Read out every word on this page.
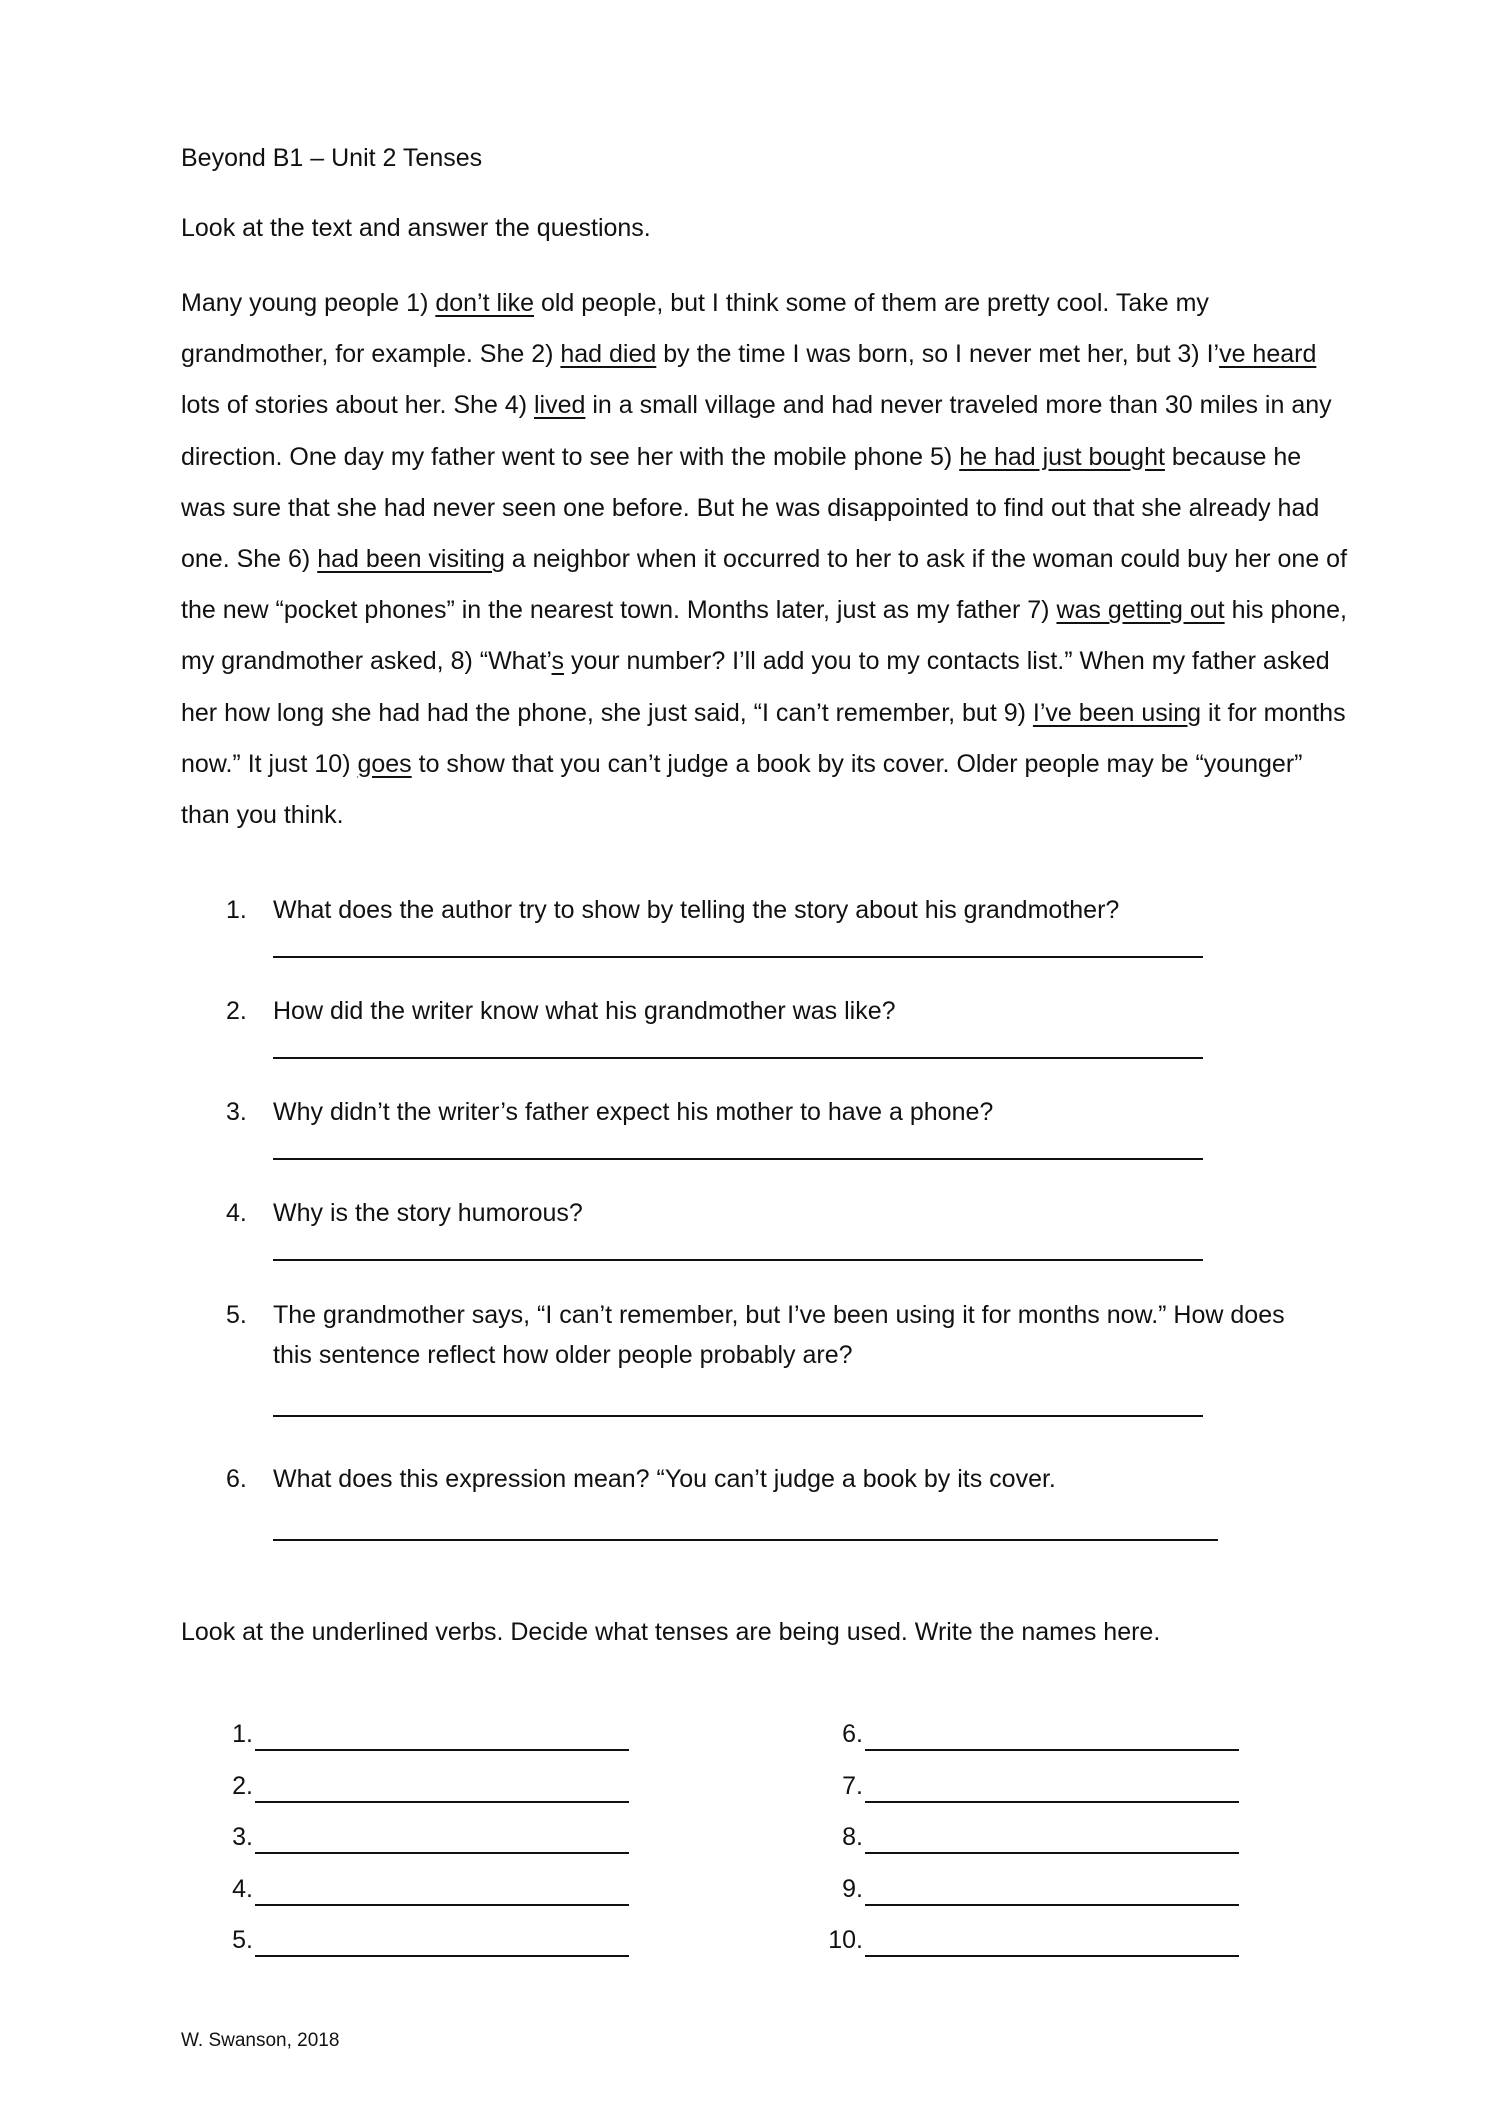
Beyond B1 – Unit 2 Tenses
Look at the text and answer the questions.
Many young people 1) don’t like old people, but I think some of them are pretty cool. Take my grandmother, for example. She 2) had died by the time I was born, so I never met her, but 3) I’ve heard lots of stories about her. She 4) lived in a small village and had never traveled more than 30 miles in any direction. One day my father went to see her with the mobile phone 5) he had just bought because he was sure that she had never seen one before. But he was disappointed to find out that she already had one. She 6) had been visiting a neighbor when it occurred to her to ask if the woman could buy her one of the new “pocket phones” in the nearest town. Months later, just as my father 7) was getting out his phone, my grandmother asked, 8) “What’s your number? I’ll add you to my contacts list.” When my father asked her how long she had had the phone, she just said, “I can’t remember, but 9) I’ve been using it for months now.” It just 10) goes to show that you can’t judge a book by its cover. Older people may be “younger” than you think.
1. What does the author try to show by telling the story about his grandmother?
2. How did the writer know what his grandmother was like?
3. Why didn’t the writer’s father expect his mother to have a phone?
4. Why is the story humorous?
5. The grandmother says, “I can’t remember, but I’ve been using it for months now.” How does this sentence reflect how older people probably are?
6. What does this expression mean? “You can’t judge a book by its cover.
Look at the underlined verbs. Decide what tenses are being used. Write the names here.
1.
2.
3.
4.
5.
6.
7.
8.
9.
10.
W. Swanson, 2018
